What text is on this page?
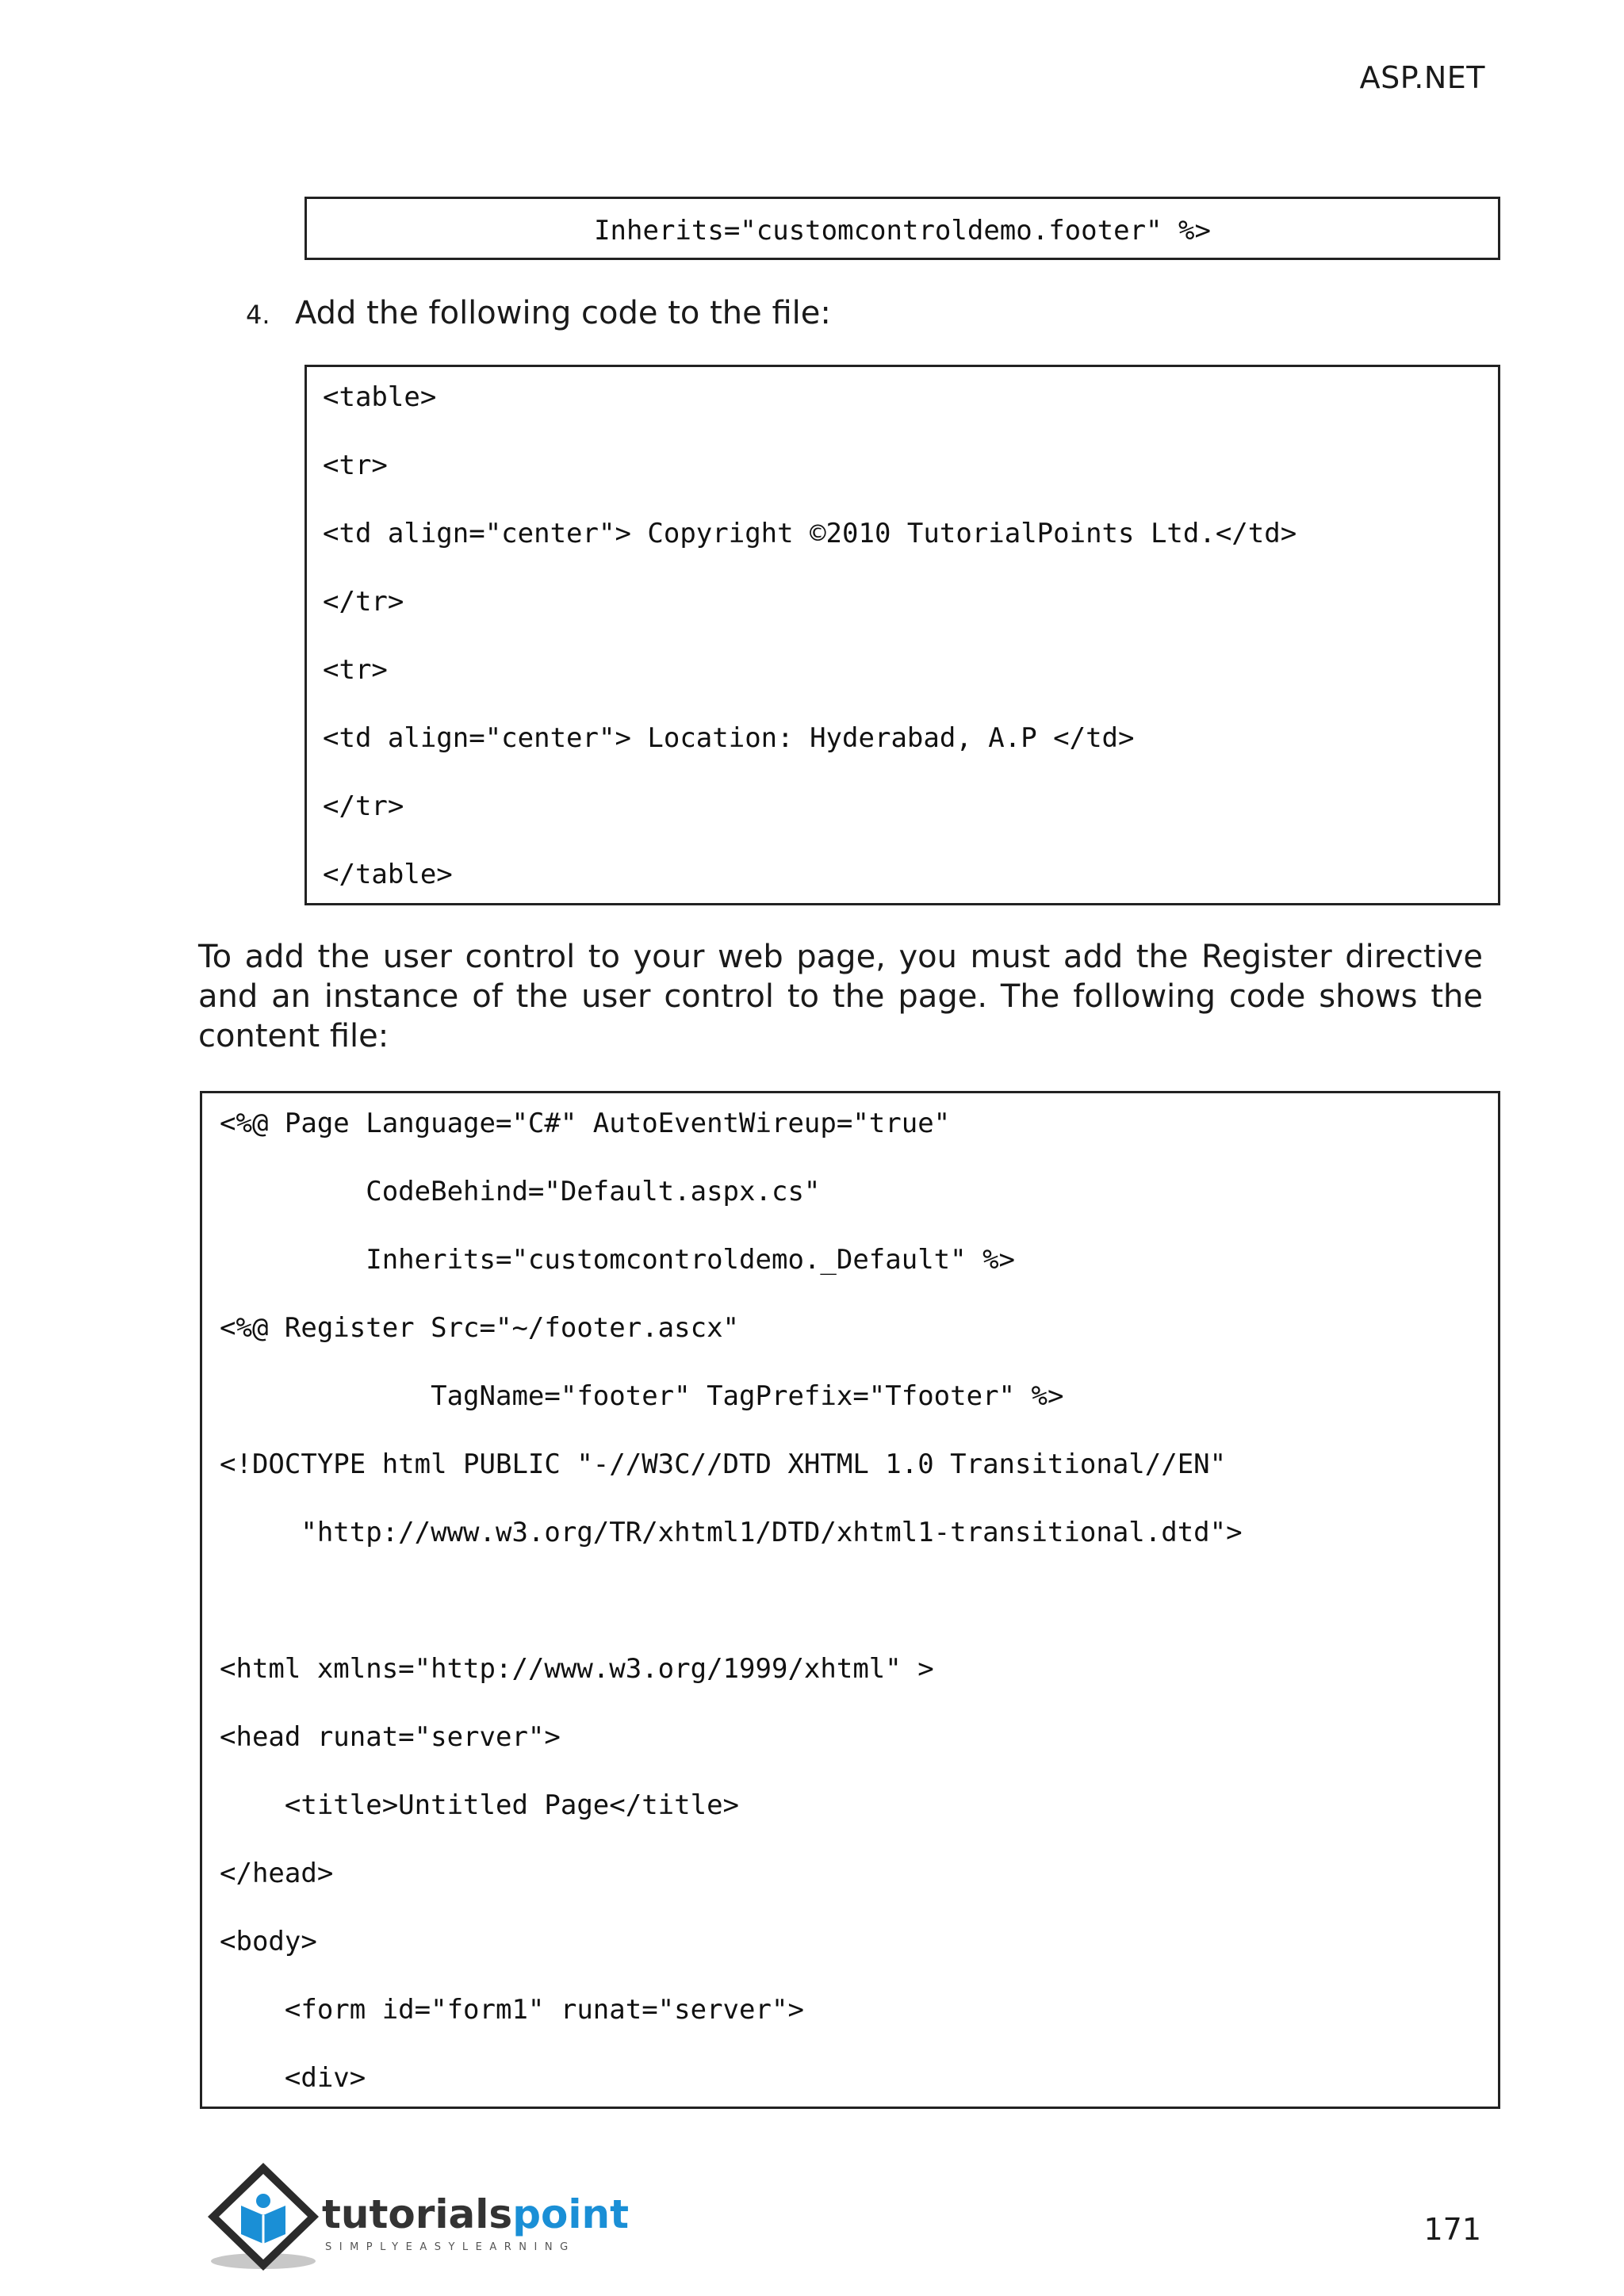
ASP.NET
Inherits="customcontroldemo.footer" %>
4. Add the following code to the file:
<table>
<tr>
<td align="center"> Copyright ©2010 TutorialPoints Ltd.</td>
</tr>
<tr>
<td align="center"> Location: Hyderabad, A.P </td>
</tr>
</table>
To add the user control to your web page, you must add the Register directive and an instance of the user control to the page. The following code shows the content file:
<%@ Page Language="C#" AutoEventWireup="true"
CodeBehind="Default.aspx.cs"
Inherits="customcontroldemo._Default" %>
<%@ Register Src="~/footer.ascx"
TagName="footer" TagPrefix="Tfooter" %>
<!DOCTYPE html PUBLIC "-//W3C//DTD XHTML 1.0 Transitional//EN"
"http://www.w3.org/TR/xhtml1/DTD/xhtml1-transitional.dtd">
<html xmlns="http://www.w3.org/1999/xhtml" >
<head runat="server">
<title>Untitled Page</title>
</head>
<body>
<form id="form1" runat="server">
<div>
tutorialspoint
SIMPLYEASYLEARNING
171
